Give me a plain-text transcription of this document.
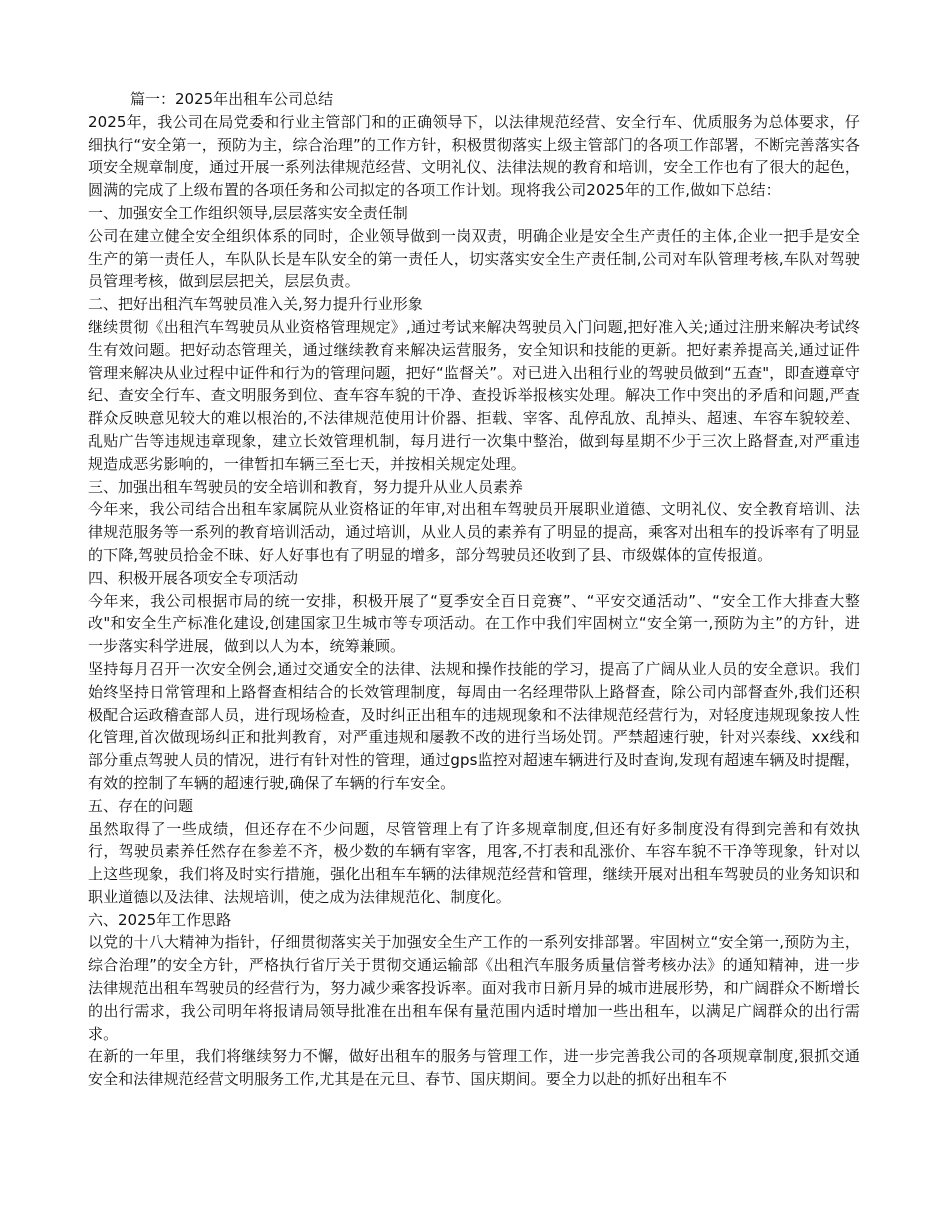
篇一：2025年出租车公司总结

2025年，我公司在局党委和行业主管部门和的正确领导下，以法律规范经营、安全行车、优质服务为总体要求，仔细执行“安全第一，预防为主，综合治理”的工作方针，积极贯彻落实上级主管部门的各项工作部署，不断完善落实各项安全规章制度，通过开展一系列法律规范经营、文明礼仪、法律法规的教育和培训，安全工作也有了很大的起色，圆满的完成了上级布置的各项任务和公司拟定的各项工作计划。现将我公司2025年的工作,做如下总结：

一、加强安全工作组织领导,层层落实安全责任制

公司在建立健全安全组织体系的同时，企业领导做到一岗双责，明确企业是安全生产责任的主体,企业一把手是安全生产的第一责任人，车队队长是车队安全的第一责任人，切实落实安全生产责任制,公司对车队管理考核,车队对驾驶员管理考核，做到层层把关，层层负责。

二、把好出租汽车驾驶员准入关,努力提升行业形象

继续贯彻《出租汽车驾驶员从业资格管理规定》,通过考试来解决驾驶员入门问题,把好准入关;通过注册来解决考试终生有效问题。把好动态管理关，通过继续教育来解决运营服务，安全知识和技能的更新。把好素养提高关,通过证件管理来解决从业过程中证件和行为的管理问题，把好“监督关”。对已进入出租行业的驾驶员做到“五查"，即查遵章守纪、查安全行车、查文明服务到位、查车容车貌的干净、查投诉举报核实处理。解决工作中突出的矛盾和问题,严查群众反映意见较大的难以根治的,不法律规范使用计价器、拒载、宰客、乱停乱放、乱掉头、超速、车容车貌较差、乱贴广告等违规违章现象，建立长效管理机制，每月进行一次集中整治，做到每星期不少于三次上路督查,对严重违规造成恶劣影响的，一律暂扣车辆三至七天，并按相关规定处理。

三、加强出租车驾驶员的安全培训和教育，努力提升从业人员素养

今年来，我公司结合出租车家属院从业资格证的年审,对出租车驾驶员开展职业道德、文明礼仪、安全教育培训、法律规范服务等一系列的教育培训活动，通过培训，从业人员的素养有了明显的提高，乘客对出租车的投诉率有了明显的下降,驾驶员拾金不昧、好人好事也有了明显的增多，部分驾驶员还收到了县、市级媒体的宣传报道。

四、积极开展各项安全专项活动

今年来，我公司根据市局的统一安排，积极开展了“夏季安全百日竞赛”、“平安交通活动”、“安全工作大排查大整改"和安全生产标准化建设,创建国家卫生城市等专项活动。在工作中我们牢固树立“安全第一,预防为主”的方针，进一步落实科学进展，做到以人为本，统筹兼顾。

坚持每月召开一次安全例会,通过交通安全的法律、法规和操作技能的学习，提高了广阔从业人员的安全意识。我们始终坚持日常管理和上路督查相结合的长效管理制度，每周由一名经理带队上路督查，除公司内部督查外,我们还积极配合运政稽查部人员，进行现场检查，及时纠正出租车的违规现象和不法律规范经营行为，对轻度违规现象按人性化管理,首次做现场纠正和批判教育，对严重违规和屡教不改的进行当场处罚。严禁超速行驶，针对兴泰线、xx线和部分重点驾驶人员的情况，进行有针对性的管理，通过gps监控对超速车辆进行及时查询,发现有超速车辆及时提醒，有效的控制了车辆的超速行驶,确保了车辆的行车安全。

五、存在的问题

虽然取得了一些成绩，但还存在不少问题，尽管管理上有了许多规章制度,但还有好多制度没有得到完善和有效执行，驾驶员素养任然存在参差不齐，极少数的车辆有宰客，甩客,不打表和乱涨价、车容车貌不干净等现象，针对以上这些现象，我们将及时实行措施，强化出租车车辆的法律规范经营和管理，继续开展对出租车驾驶员的业务知识和职业道德以及法律、法规培训，使之成为法律规范化、制度化。

六、2025年工作思路

以党的十八大精神为指针，仔细贯彻落实关于加强安全生产工作的一系列安排部署。牢固树立“安全第一,预防为主，综合治理”的安全方针，严格执行省厅关于贯彻交通运输部《出租汽车服务质量信誉考核办法》的通知精神，进一步法律规范出租车驾驶员的经营行为，努力减少乘客投诉率。面对我市日新月异的城市进展形势，和广阔群众不断增长的出行需求，我公司明年将报请局领导批准在出租车保有量范围内适时增加一些出租车，以满足广阔群众的出行需求。

在新的一年里，我们将继续努力不懈，做好出租车的服务与管理工作，进一步完善我公司的各项规章制度,狠抓交通安全和法律规范经营文明服务工作,尤其是在元旦、春节、国庆期间。要全力以赴的抓好出租车不
